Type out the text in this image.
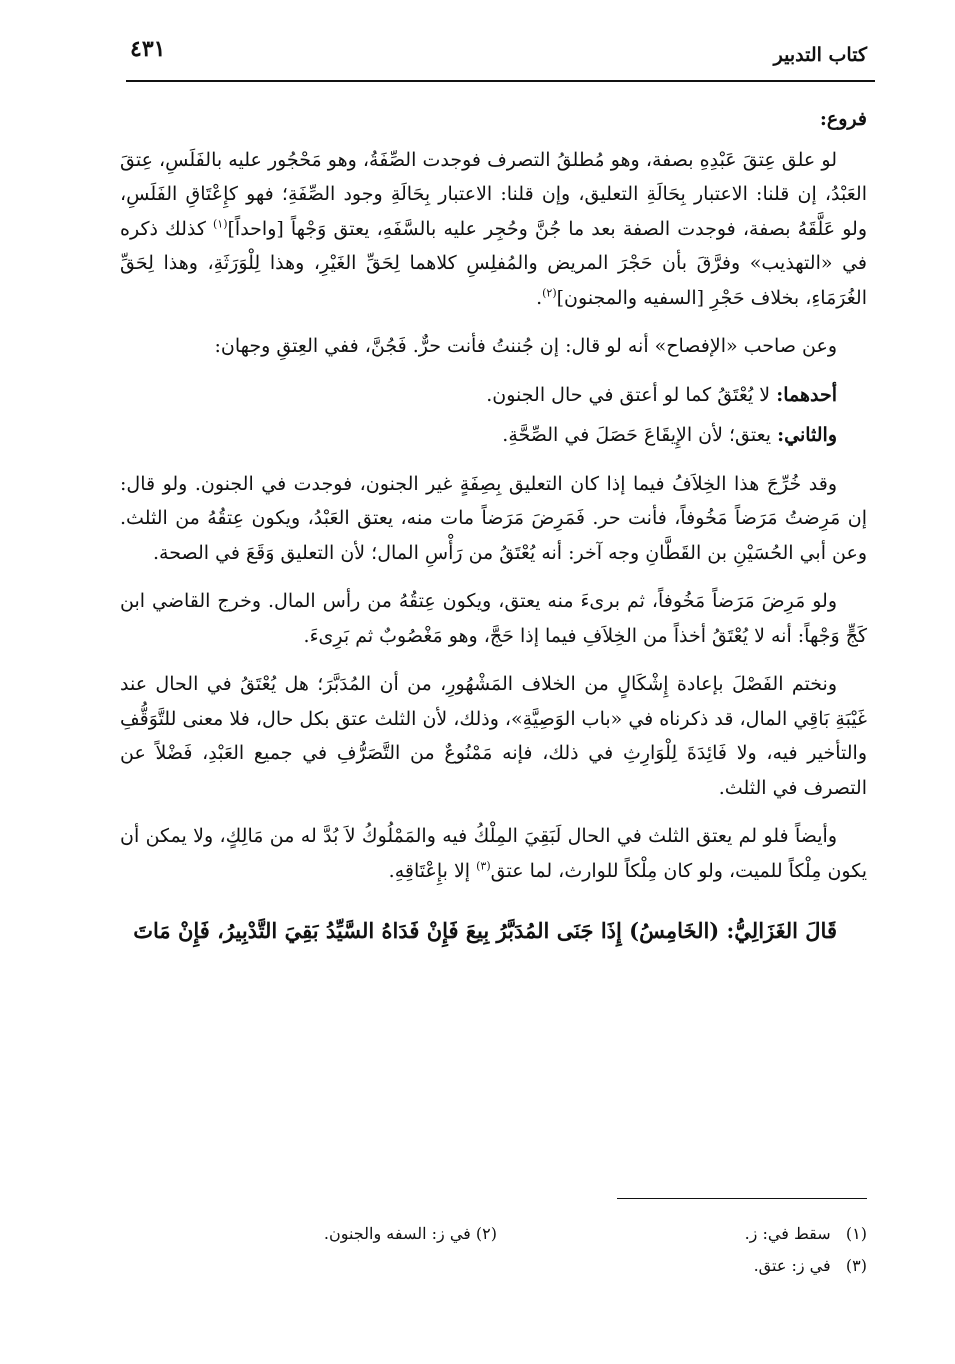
كتاب التدبير
٤٣١

فروع:

لو علق عِتقَ عَبْدِهِ بصفة، وهو مُطلقُ التصرف فوجدت الصِّفَةُ، وهو مَحْجُور عليه بالفَلَسِ، عِتقَ العَبْدُ، إن قلنا: الاعتبار بِحَالَةِ التعليق، وإن قلنا: الاعتبار بِحَالَةِ وجود الصِّفَةِ؛ فهو كإِعْتَاقِ الفَلَسِ، ولو عَلَّقَهُ بصفة، فوجدت الصفة بعد ما جُنَّ وحُجِر عليه بالسَّفَهِ، يعتق وَجْهاً [واحداً]$^{(١)}$ كذلك ذكره في «التهذيب» وفرَّقَ بأن حَجْرَ المريض والمُفلِسِ كلاهما لِحَقِّ الغَيْرِ، وهذا لِلْوَرَثَةِ، وهذا لِحَقِّ الغُرَمَاءِ، بخلاف حَجْرِ [السفيه والمجنون]$^{(٢)}$.

وعن صاحب «الإفصاح» أنه لو قال: إن جُننتُ فأنت حرٌّ. فَجُنَّ، ففي العِتقِ وجهان:

أحدهما: لا يُعْتَقُ كما لو أعتق في حال الجنون.

والثاني: يعتق؛ لأن الإِيقَاعَ حَصَلَ في الصِّحَّةِ.

وقد خُرِّجَ هذا الخِلاَفُ فيما إذا كان التعليق بِصِفَةٍ غير الجنون، فوجدت في الجنون. ولو قال: إن مَرِضتُ مَرَضاً مَخُوفاً، فأنت حر. فَمَرِضَ مَرَضاً مات منه، يعتق العَبْدُ، ويكون عِتقُهُ من الثلث. وعن أبي الحُسَيْنِ بن القَطَّانِ وجه آخر: أنه يُعْتَقُ من رَأْسِ المال؛ لأن التعليق وَقَعَ في الصحة.

ولو مَرِضَ مَرَضاً مَخُوفاً، ثم برىءَ منه يعتق، ويكون عِتقُهُ من رأس المال. وخرج القاضي ابن كَجٍّ وَجْهاً: أنه لا يُعْتَقُ أخذاً من الخِلاَفِ فيما إذا حَجَّ، وهو مَغْصُوبٌ ثم بَرِىءَ.

ونختم الفَصْلَ بإعادة إِشْكَالٍ من الخلاف المَشْهُورِ، من أن المُدَبَّرَ؛ هل يُعْتَقُ في الحال عند غَيْبَةِ بَاقِي المال، قد ذكرناه في «باب الوَصِيَّةِ»، وذلك، لأن الثلث عتق بكل حال، فلا معنى للتَّوَقُّفِ والتأخير فيه، ولا فَائِدَةَ لِلْوَارِثِ في ذلك، فإنه مَمْنُوعٌ من التَّصَرُّفِ في جميع العَبْدِ، فَضْلاً عن التصرف في الثلث.

وأيضاً فلو لم يعتق الثلث في الحال لَبَقِيَ المِلْكُ فيه والمَمْلُوكُ لاَ بُدَّ له من مَالِكٍ، ولا يمكن أن يكون مِلْكاً للميت، ولو كان مِلْكاً للوارث، لما عتق$^{(٣)}$ إلا بإِعْتَاقِهِ.

قَالَ الغَزَالِيُّ: (الخَامِسُ) إِذَا جَنَى المُدَبَّرُ بِيعَ فَإِنْ فَدَاهُ السَّيِّدُ بَقِيَ التَّدْبِيرُ، فَإِنْ مَاتَ

(١)   سقط في: ز.
(٢) في ز: السفه والجنون.
(٣)   في ز: عتق.
